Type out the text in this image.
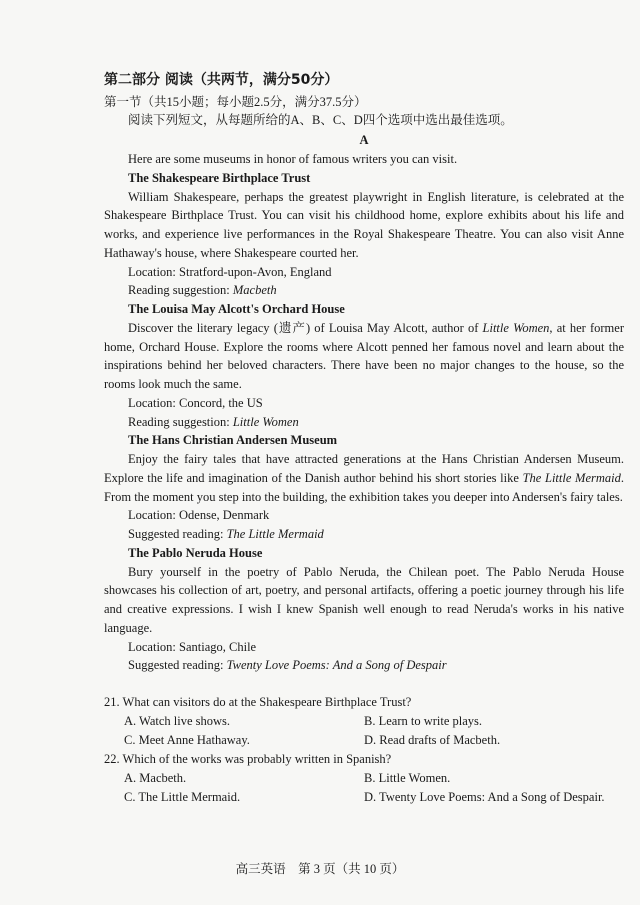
第二部分 阅读（共两节，满分50分）
第一节（共15小题；每小题2.5分，满分37.5分）
阅读下列短文，从每题所给的A、B、C、D四个选项中选出最佳选项。
A

Here are some museums in honor of famous writers you can visit.

The Shakespeare Birthplace Trust

William Shakespeare, perhaps the greatest playwright in English literature, is celebrated at the Shakespeare Birthplace Trust. You can visit his childhood home, explore exhibits about his life and works, and experience live performances in the Royal Shakespeare Theatre. You can also visit Anne Hathaway's house, where Shakespeare courted her.

Location: Stratford-upon-Avon, England

Reading suggestion: Macbeth

The Louisa May Alcott's Orchard House

Discover the literary legacy (遗产) of Louisa May Alcott, author of Little Women, at her former home, Orchard House. Explore the rooms where Alcott penned her famous novel and learn about the inspirations behind her beloved characters. There have been no major changes to the house, so the rooms look much the same.

Location: Concord, the US

Reading suggestion: Little Women

The Hans Christian Andersen Museum

Enjoy the fairy tales that have attracted generations at the Hans Christian Andersen Museum. Explore the life and imagination of the Danish author behind his short stories like The Little Mermaid. From the moment you step into the building, the exhibition takes you deeper into Andersen's fairy tales.

Location: Odense, Denmark

Suggested reading: The Little Mermaid

The Pablo Neruda House

Bury yourself in the poetry of Pablo Neruda, the Chilean poet. The Pablo Neruda House showcases his collection of art, poetry, and personal artifacts, offering a poetic journey through his life and creative expressions. I wish I knew Spanish well enough to read Neruda's works in his native language.

Location: Santiago, Chile

Suggested reading: Twenty Love Poems: And a Song of Despair

21. What can visitors do at the Shakespeare Birthplace Trust?
A. Watch live shows.	B. Learn to write plays.
C. Meet Anne Hathaway.	D. Read drafts of Macbeth.
22. Which of the works was probably written in Spanish?
A. Macbeth.	B. Little Women.
C. The Little Mermaid.	D. Twenty Love Poems: And a Song of Despair.
高三英语　第 3 页（共 10 页）
